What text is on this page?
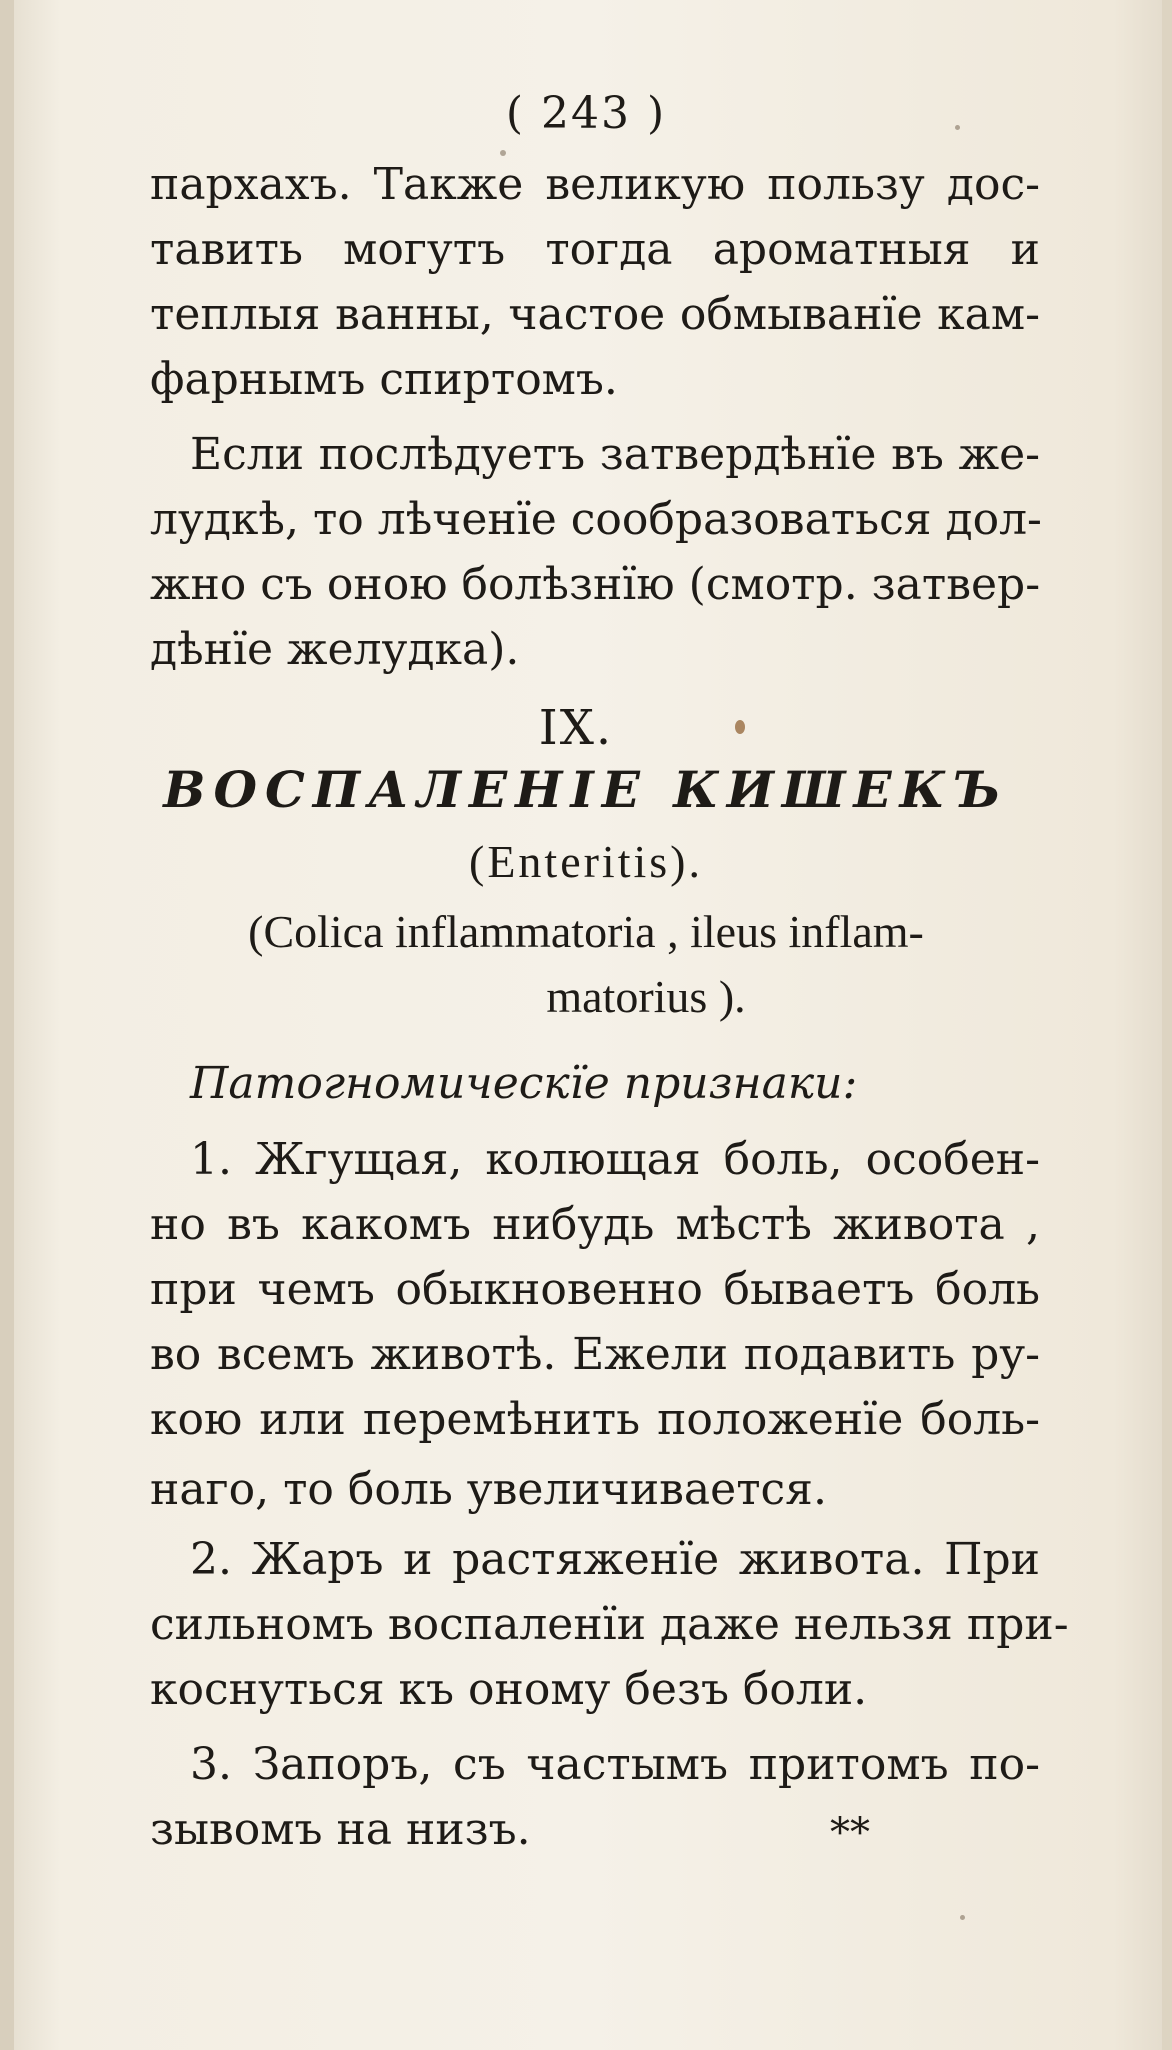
( 243 )
пархахъ. Также великую пользу дос-
тавить могутъ тогда ароматныя и
теплыя ванны, частое обмыванïе кам-
фарнымъ спиртомъ.
Если послѣдуетъ затвердѣнïе въ же-
лудкѣ, то лѣченïе сообразоваться дол-
жно съ оною болѣзнïю (смотр. затвер-
дѣнïе желудка).
IX.
ВОСПАЛЕНIЕ КИШЕКЪ
(Enteritis).
(Colica inflammatoria , ileus inflam-
matorius ).
Патогномическïе признаки:
1. Жгущая, колющая боль, особен-
но въ какомъ нибудь мѣстѣ живота ,
при чемъ обыкновенно бываетъ боль
во всемъ животѣ. Ежели подавить ру-
кою или перемѣнить положенïе боль-
наго, то боль увеличивается.
2. Жаръ и растяженïе живота. При
сильномъ воспаленïи даже нельзя при-
коснуться къ оному безъ боли.
3. Запоръ, съ частымъ притомъ по-
зывомъ на низъ.	**
